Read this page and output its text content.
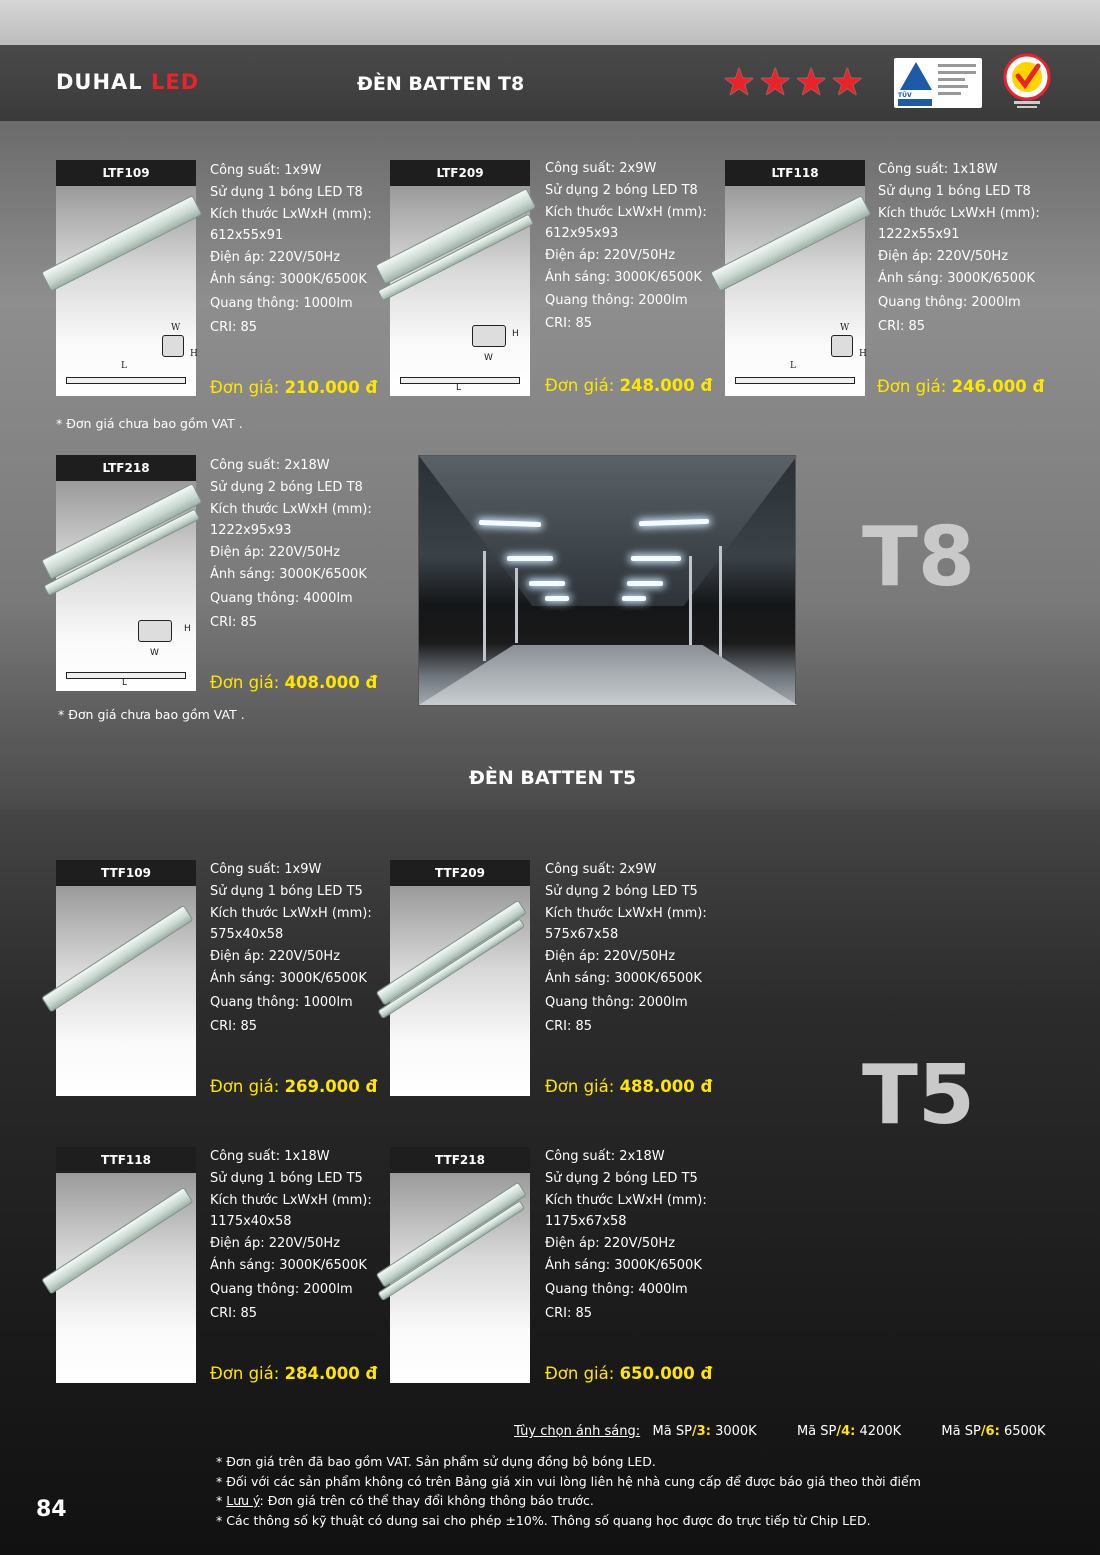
DUHAL LED	ĐÈN BATTEN T8	★ ★ ★ ★	TÜV
LTF109
W
H
L
Công suất: 1x9W
Sử dụng 1 bóng LED T8
Kích thước LxWxH (mm):
612x55x91
Điện áp: 220V/50Hz
Ánh sáng: 3000K/6500K
Quang thông: 1000lm
CRI: 85
Đơn giá: 210.000 đ
LTF209
W
H
L
Công suất: 2x9W
Sử dụng 2 bóng LED T8
Kích thước LxWxH (mm):
612x95x93
Điện áp: 220V/50Hz
Ánh sáng: 3000K/6500K
Quang thông: 2000lm
CRI: 85
Đơn giá: 248.000 đ
LTF118
W
H
L
Công suất: 1x18W
Sử dụng 1 bóng LED T8
Kích thước LxWxH (mm):
1222x55x91
Điện áp: 220V/50Hz
Ánh sáng: 3000K/6500K
Quang thông: 2000lm
CRI: 85
Đơn giá: 246.000 đ
* Đơn giá chưa bao gồm VAT .
LTF218
W
H
L
Công suất: 2x18W
Sử dụng 2 bóng LED T8
Kích thước LxWxH (mm):
1222x95x93
Điện áp: 220V/50Hz
Ánh sáng: 3000K/6500K
Quang thông: 4000lm
CRI: 85
Đơn giá: 408.000 đ
* Đơn giá chưa bao gồm VAT .
T8
ĐÈN BATTEN T5
TTF109	Công suất: 1x9W
Sử dụng 1 bóng LED T5
Kích thước LxWxH (mm):
575x40x58
Điện áp: 220V/50Hz
Ánh sáng: 3000K/6500K
Quang thông: 1000lm
CRI: 85
Đơn giá: 269.000 đ
TTF209	Công suất: 2x9W
Sử dụng 2 bóng LED T5
Kích thước LxWxH (mm):
575x67x58
Điện áp: 220V/50Hz
Ánh sáng: 3000K/6500K
Quang thông: 2000lm
CRI: 85
Đơn giá: 488.000 đ T5
TTF118	Công suất: 1x18W
Sử dụng 1 bóng LED T5
Kích thước LxWxH (mm):
1175x40x58
Điện áp: 220V/50Hz
Ánh sáng: 3000K/6500K
Quang thông: 2000lm
CRI: 85
Đơn giá: 284.000 đ
TTF218	Công suất: 2x18W
Sử dụng 2 bóng LED T5
Kích thước LxWxH (mm):
1175x67x58
Điện áp: 220V/50Hz
Ánh sáng: 3000K/6500K
Quang thông: 4000lm
CRI: 85
Đơn giá: 650.000 đ
Tùy chọn ánh sáng: Mã SP/3: 3000K	Mã SP/4: 4200K	Mã SP/6: 6500K
* Đơn giá trên đã bao gồm VAT. Sản phẩm sử dụng đồng bộ bóng LED.
* Đối với các sản phẩm không có trên Bảng giá xin vui lòng liên hệ nhà cung cấp để được báo giá theo thời điểm
* Lưu ý: Đơn giá trên có thể thay đổi không thông báo trước.
* Các thông số kỹ thuật có dung sai cho phép ±10%. Thông số quang học được đo trực tiếp từ Chip LED.
84
